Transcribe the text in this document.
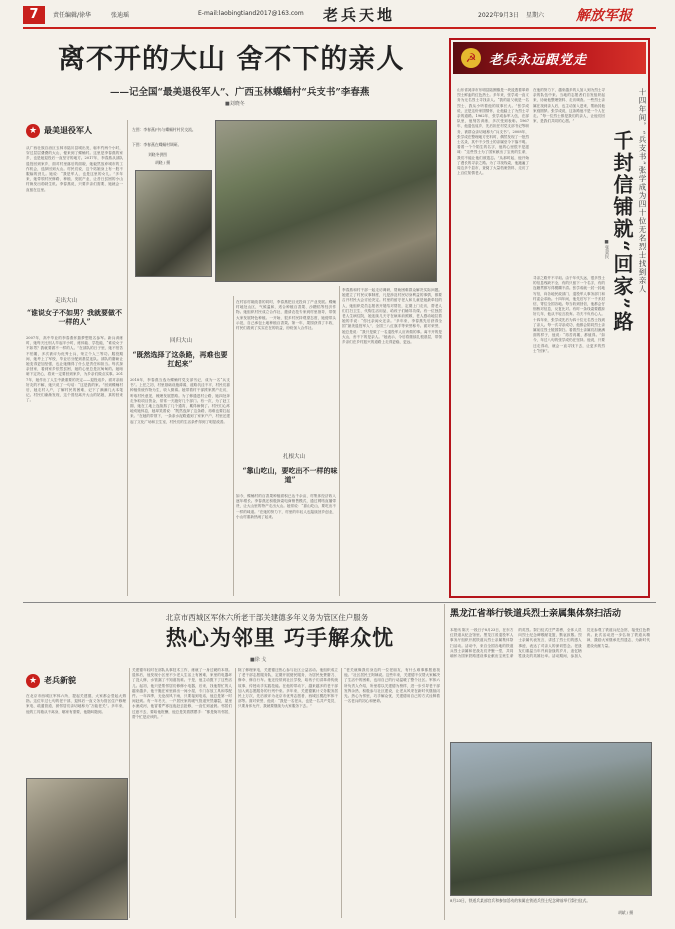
7	责任编辑/徐华	张迪瑶	E-mail:laobingtiand2017@163.com 老兵天地	2022年9月3日 星期六 解放军报
离不开的大山 舍不下的亲人
——记全国“最美退役军人”、广西玉林蝶蛹村“兵支书”李春燕
■刘晓冬
★ 最美退役军人
从广西壮族自治区玉林市陆川县城出发，驱车约两个小时，穿过层层叠叠的大山，便来到了蝶蛹村。这里是李春燕的家乡，也是她退役后一直坚守的地方。2017年，李春燕从部队退役回到家乡，面对村里落后的面貌，她毅然放弃城市的工作机会，选择回到大山。村民们说，这个姑娘身上有一股不服输的劲儿。她说：“我是军人，也是这里的女儿。”多年来，她带领村民修路、种植、发展产业，让昔日贫困的小山村焕发出勃勃生机。李春燕说，只要乡亲们需要，她就会一直留在这里。
走出大山
“谁说女子不如男？我就要做不一样的人”
2007年，高中毕业的李春燕怀揣梦想报名参军。新兵训练时，她每天比别人早起半小时，练体能、学技能，“谁说女子不如男？我就要做不一样的人。”在部队的日子里，她不怕苦不怕累，多次被评为优秀士兵，荣立个人三等功。服役期间，她考上了军校，毕业后分配到基层连队。部队的磨砺让她变得更加坚强，也让她懂得了什么是责任和担当。每次探亲回家，看到家乡依然贫困，她的心里总是沉甸甸的。她暗暗下定决心，将来一定要回到家乡，为乡亲们做点实事。2017年，她作出了人生中最重要的决定——退役返乡。面对亲朋好友的不解，她只说了一句话：“这是我的家。”回到蝶蛹村后，她走村入户，了解村民的困难，记下了满满几大本笔记。村民们渐渐发现，这个曾经离开大山的姑娘，真的回来了。
左图：李春燕(中)与蝶蛹村村民交流。
下图：李春燕在蝶蛹村调研。
刘晓冬供图
胡晓 / 摄
回归大山
“既然选择了这条路，再难也要扛起来”
2018年，李春燕当选为蝶蛹村党支部书记，成为一名“兵支书”。上任之初，村里基础设施薄弱，道路坑洼不平，村民们靠种植传统作物为生，收入微薄。她带着村干部挨家挨户走访，听取村民意见，梳理发展思路。为了修通进村公路，她四处奔走争取项目资金，常常一天跑好几个部门。有一次，为了赶工期，她在工地上连续熬了几个通宵，累得病倒了。村民们心疼地劝她休息，她却笑着说：“既然选择了这条路，再难也要扛起来。”在她的带领下，一条条水泥路通到了家家户户，村里还建起了文化广场和卫生室，村民们的生活条件得到了明显改善。
扎根大山
“靠山吃山，要吃出不一样的味道”
在村容村貌改善的同时，李春燕把目光投向了产业发展。蝶蛹村地处山区，气候温和，适合种植百香果、沙糖桔等经济作物。她组织村民成立合作社，邀请农技专家到村里指导，带领大家发展特色种植。一开始，很多村民持观望态度，她便带头示范，自己承包土地种植百香果。第一年，果园获得了丰收，村民们看到了实实在在的收益，纷纷加入合作社。
如今，蝶蛹村的百香果种植面积已达千余亩，村集体经济收入逐年增长。李春燕还积极探索电商销售模式，通过网络直播带货，让大山里的特产走出大山。她常说：“靠山吃山，要吃出不一样的味道。”在她的努力下，村里的年轻人也陆续回乡创业，小山村重新热闹了起来。
李春燕和村干部一起走访调研，帮助困难群众解决实际问题。她建立了村民议事制度，凡是涉及村民切身利益的事情，都要召开村民大会讨论决定。村里的留守老人和儿童是她最牵挂的人，她组织党员志愿者开展结对帮扶，定期上门走访，帮老人们打扫卫生、代购生活用品，给孩子们辅导功课。有一位独居老人生病住院，她连续几天守在病床前照顾，老人感动地拉着她的手说：“你比亲闺女还亲。”多年来，李春燕先后获得全国“最美退役军人”、全国三八红旗手等荣誉称号。面对荣誉，她总是说：“我只是做了一名退役军人应该做的事。离不开的是大山，舍不下的是亲人。”她表示，今后将继续扎根基层，带领乡亲们在乡村振兴的道路上走得更稳、更远。
☭ 老兵永远跟党走
千封信铺就“回家”路 十四年间，“兵支书”张学成为四十位无名烈士找到亲人
■张金民
山东省菏泽市东明县陆圈镇是一块浸透着革命烈士鲜血的红色热土。多年来，张学成一直义务为无名烈士寻找亲人。“我的祖父就是一名烈士，我从小听着他的故事长大。”张学成说，正是这份家国情怀，让他踏上了为烈士寻亲的道路。1962年，张学成参军入伍，在部队里，他刻苦训练，多次受到表彰。1967年，他退伍返乡，先后担任村党支部书记等职务，被群众亲切地称为“兵支书”。2008年，张学成在整理地方史料时，偶然发现了一批烈士名录，其中不少烈士的亲属至今下落不明。看着一个个陌生的名字，他的心里很不是滋味：“这些烈士为了国家献出了宝贵的生命，我们不能让他们被遗忘。”从那时起，他开始了漫长的寻亲之路。为了寻找线索，他跑遍了周边多个县市，查阅了大量档案资料，走访了上百位知情老人。
寻亲之路并不平坦。由于年代久远，很多烈士的信息残缺不全，有的只留下一个名字，有的连籍贯都写得模糊不清。张学成就一封一封地写信，向各地民政部门、退役军人事务部门和村委会求助。十四年间，他先后写下一千多封信，寄往全国各地。每当收到回信，他都会仔细核对信息，反复比对。有时一条线索要跟踪好几年，他从不轻言放弃。功夫不负有心人。十四年来，张学成先后为四十位无名烈士找到了亲人。每一次寻亲成功，他都会陪同烈士亲属前往烈士陵园祭扫。看着烈士亲属们泪流满面的样子，他说：“再苦再累，都值得。”如今，年过八旬的张学成仍在坚持。他说，只要还走得动，就会一直寻找下去，让更多的烈士“回家”。
在他的努力下，越来越多的人加入到为烈士寻亲的队伍中来。当地的志愿者们自发组织起来，协助他整理资料、走访调查。一些烈士亲属在找到亲人后，也主动加入进来，帮助其他家庭圆梦。张学成说，这条路他不是一个人在走。“每一位烈士都是我们的亲人，让他们回家，是我们共同的心愿。”
北京市西城区军休六所老干部关建德多年义务为管区住户服务
热心为邻里 巧手解众忧
■徐 戈
★ 老兵新貌
在北京市西城区军休六所，提起关建德，大家都会竖起大拇指。这位年过七旬的老干部，退休后一直义务为管区住户修理家电、疏通管道，被邻居们亲切地称为“万能老关”。多年来，他的工具箱从不离身，哪家有需要，他随叫随到。
关建德年轻时在部队从事技术工作，练就了一身过硬的本领。退休后，他发现小区里不少老人生活上有困难，家里的电器坏了没人修，水管漏了不知道找谁。于是，他主动揽下了这些活儿。起初，他只是帮邻居们修修小电器，后来，找他帮忙的人越来越多，他干脆在家里辟出一间小屋，专门存放工具和零配件。一年四季，无论刮风下雨，只要接到电话，他总是第一时间赶到。有一年冬天，一户居民家的暖气管道突然爆裂，屋里水流成河，他冒着严寒连夜赶去抢修，一直忙到凌晨。邻居们过意不去，要给他报酬，他总是笑着摆摆手：“都是街坊邻居，帮个忙是应该的。”
除了修理家电，关建德还热心参与社区公益活动。他组织成立了老干部志愿服务队，定期开展便民服务，为居民免费磨刀、修伞、修自行车。他还经常到社区学校，给孩子们讲革命传统故事，传授动手实践技能。在他的带动下，越来越多的老干部加入到志愿服务的行列中来。多年来，关建德累计义务服务居民上万次，先后被评为北京市优秀志愿者、西城区模范军休干部等。面对荣誉，他说：“我是一名老兵，也是一名共产党员，只要身体允许，我就要继续为大家服务下去。”
“老关就像我们身边的一位老朋友，有什么难事都愿意找他。”社区居民王阿姨说。这些年来，关建德不仅帮大家解决了生活中的困难，也用自己的行动温暖了整个社区。军休六所负责人介绍，所里将以关建德为榜样，进一步引导老干部发挥余热，积极参与社区建设，让老兵风采在新时代继续闪光。热心为邻里，巧手解众忧，关建德用自己的方式诠释着一名老兵的初心和使命。
黑龙江省举行铁道兵烈士亲属集体祭扫活动
本报讯 陈天 一段日子8月23日，在东方红铁道兵纪念馆里。黑龙江省退役军人事务厅组织开展铁道兵烈士亲属集体祭扫活动。活动中，来自全国各地的铁道兵烈士亲属和老战友们齐聚一堂，共同缅怀为国家铁路建设事业献出宝贵生命的英烈。祭扫仪式庄严肃穆，全体人员向烈士纪念碑敬献花篮，默哀致敬。烈士亲属代表发言，讲述了烈士们的感人事迹，表达了对亲人的深切思念。老战友们重温当年并肩奋战的岁月，追忆牺牲战友的英雄壮举。活动期间，参加人员还参观了铁道兵纪念馆，接受红色教育。此次活动进一步弘扬了铁道兵精神，激励大家继承先烈遗志，为新时代建设贡献力量。
8月23日，铁道兵某部官兵和参加活动的家属在铁道兵烈士纪念碑前举行祭扫仪式。
胡斌 / 摄
